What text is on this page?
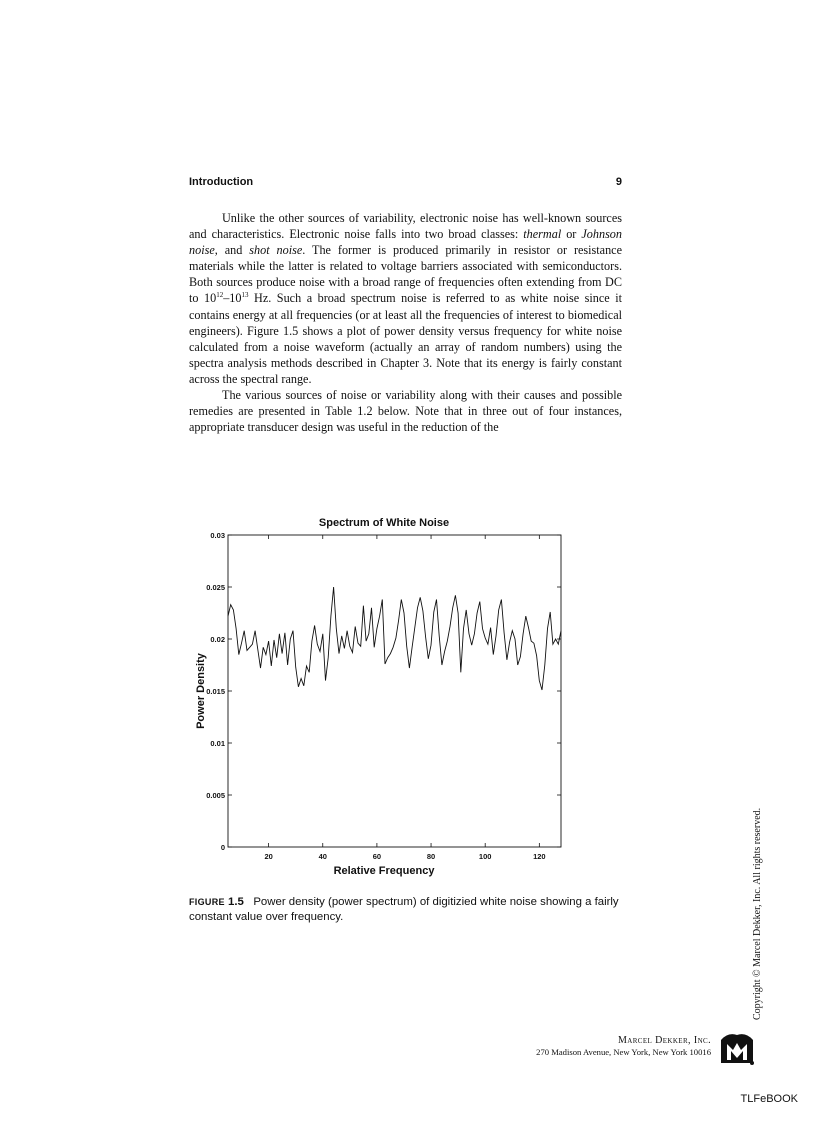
Introduction	9

Unlike the other sources of variability, electronic noise has well-known sources and characteristics. Electronic noise falls into two broad classes: thermal or Johnson noise, and shot noise. The former is produced primarily in resistor or resistance materials while the latter is related to voltage barriers associated with semiconductors. Both sources produce noise with a broad range of frequencies often extending from DC to $10^{12}-10^{13}$ Hz. Such a broad spectrum noise is referred to as white noise since it contains energy at all frequencies (or at least all the frequencies of interest to biomedical engineers). Figure 1.5 shows a plot of power density versus frequency for white noise calculated from a noise waveform (actually an array of random numbers) using the spectra analysis methods described in Chapter 3. Note that its energy is fairly constant across the spectral range.

The various sources of noise or variability along with their causes and possible remedies are presented in Table 1.2 below. Note that in three out of four instances, appropriate transducer design was useful in the reduction of the

20	40	60	80	100	120
0
0.005
0.01
0.015
0.02
0.025
0.03
Spectrum of White Noise
Relative Frequency
Power Density
FIGURE 1.5 Power density (power spectrum) of digitizied white noise showing a fairly constant value over frequency.	Copyright © Marcel Dekker, Inc. All rights reserved.
Marcel Dekker, Inc.
270 Madison Avenue, New York, New York 10016
TLFeBOOK
